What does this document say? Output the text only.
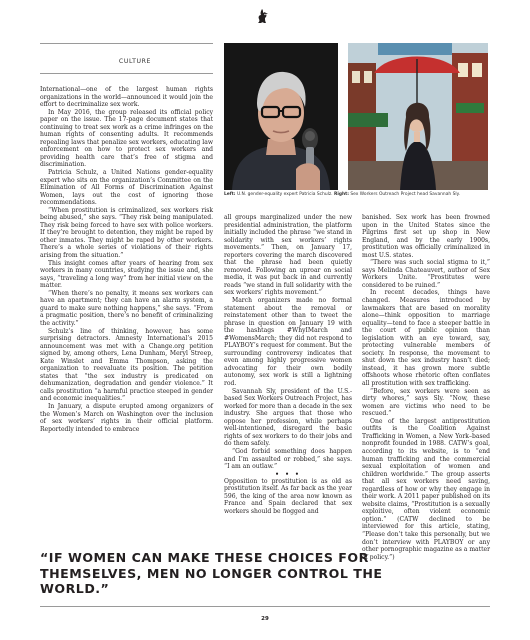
CULTURE

International—one of the largest human rights organizations in the world—announced it would join the effort to decriminalize sex work.

In May 2016, the group released its official policy paper on the issue. The 17-page document states that continuing to treat sex work as a crime infringes on the human rights of consenting adults. It recommends repealing laws that penalize sex workers, educating law enforcement on how to protect sex workers and providing health care that’s free of stigma and discrimination.

Patricia Schulz, a United Nations gender-equality expert who sits on the organization’s Committee on the Elimination of All Forms of Discrimination Against Women, lays out the cost of ignoring those recommendations.

“When prostitution is criminalized, sex workers risk being abused,” she says. “They risk being manipulated. They risk being forced to have sex with police workers. If they’re brought to detention, they might be raped by other inmates. They might be raped by other workers. There’s a whole series of violations of their rights arising from the situation.”

This insight comes after years of hearing from sex workers in many countries, studying the issue and, she says, “traveling a long way” from her initial view on the matter.

“When there’s no penalty, it means sex workers can have an apartment; they can have an alarm system, a guard to make sure nothing happens,” she says. “From a pragmatic position, there’s no benefit of criminalizing the activity.”

Schulz’s line of thinking, however, has some surprising detractors. Amnesty International’s 2015 announcement was met with a Change.org petition signed by, among others, Lena Dunham, Meryl Streep, Kate Winslet and Emma Thompson, asking the organization to reevaluate its position. The petition states that “the sex industry is predicated on dehumanization, degradation and gender violence.” It calls prostitution “a harmful practice steeped in gender and economic inequalities.”

In January, a dispute erupted among organizers of the Women’s March on Washington over the inclusion of sex workers’ rights in their official platform. Reportedly intended to embrace

Left: U.N. gender-equality expert Patricia Schulz. Right: Sex Workers Outreach Project head Savannah Sly.

all groups marginalized under the new presidential administration, the platform initially included the phrase “we stand in solidarity with sex workers’ rights movements.” Then, on January 17, reporters covering the march discovered that the phrase had been quietly removed. Following an uproar on social media, it was put back in and currently reads “we stand in full solidarity with the sex workers’ rights movement.”

March organizers made no formal statement about the removal or reinstatement other than to tweet the phrase in question on January 19 with the hashtags #WhyIMarch and #WomensMarch; they did not respond to PLAYBOY’s request for comment. But the surrounding controversy indicates that even among highly progressive women advocating for their own bodily autonomy, sex work is still a lightning rod.

Savannah Sly, president of the U.S.-based Sex Workers Outreach Project, has worked for more than a decade in the sex industry. She argues that those who oppose her profession, while perhaps well-intentioned, disregard the basic rights of sex workers to do their jobs and do them safely.

“God forbid something does happen and I’m assaulted or robbed,” she says. “I am an outlaw.”

• • •

Opposition to prostitution is as old as prostitution itself. As far back as the year 596, the king of the area now known as France and Spain declared that sex workers should be flogged and

banished. Sex work has been frowned upon in the United States since the Pilgrims first set up shop in New England, and by the early 1900s, prostitution was officially criminalized in most U.S. states.

“There was such social stigma to it,” says Melinda Chateauvert, author of Sex Workers Unite. “Prostitutes were considered to be ruined.”

In recent decades, things have changed. Measures introduced by lawmakers that are based on morality alone—think opposition to marriage equality—tend to face a steeper battle in the court of public opinion than legislation with an eye toward, say, protecting vulnerable members of society. In response, the movement to shut down the sex industry hasn’t died; instead, it has grown more subtle offshoots whose rhetoric often conflates all prostitution with sex trafficking.

“Before, sex workers were seen as dirty whores,” says Sly. “Now, these women are victims who need to be rescued.”

One of the largest antiprostitution outfits is the Coalition Against Trafficking in Women, a New York–based nonprofit founded in 1988. CATW’s goal, according to its website, is to “end human trafficking and the commercial sexual exploitation of women and children worldwide.” The group asserts that all sex workers need saving, regardless of how or why they engage in their work. A 2011 paper published on its website claims, “Prostitution is a sexually exploitive, often violent economic option.” (CATW declined to be interviewed for this article, stating, “Please don’t take this personally, but we don’t interview with PLAYBOY or any other pornographic magazine as a matter of policy.”)

“IF WOMEN CAN MAKE THESE CHOICES FOR THEMSELVES, MEN NO LONGER CONTROL THE WORLD.”
29
